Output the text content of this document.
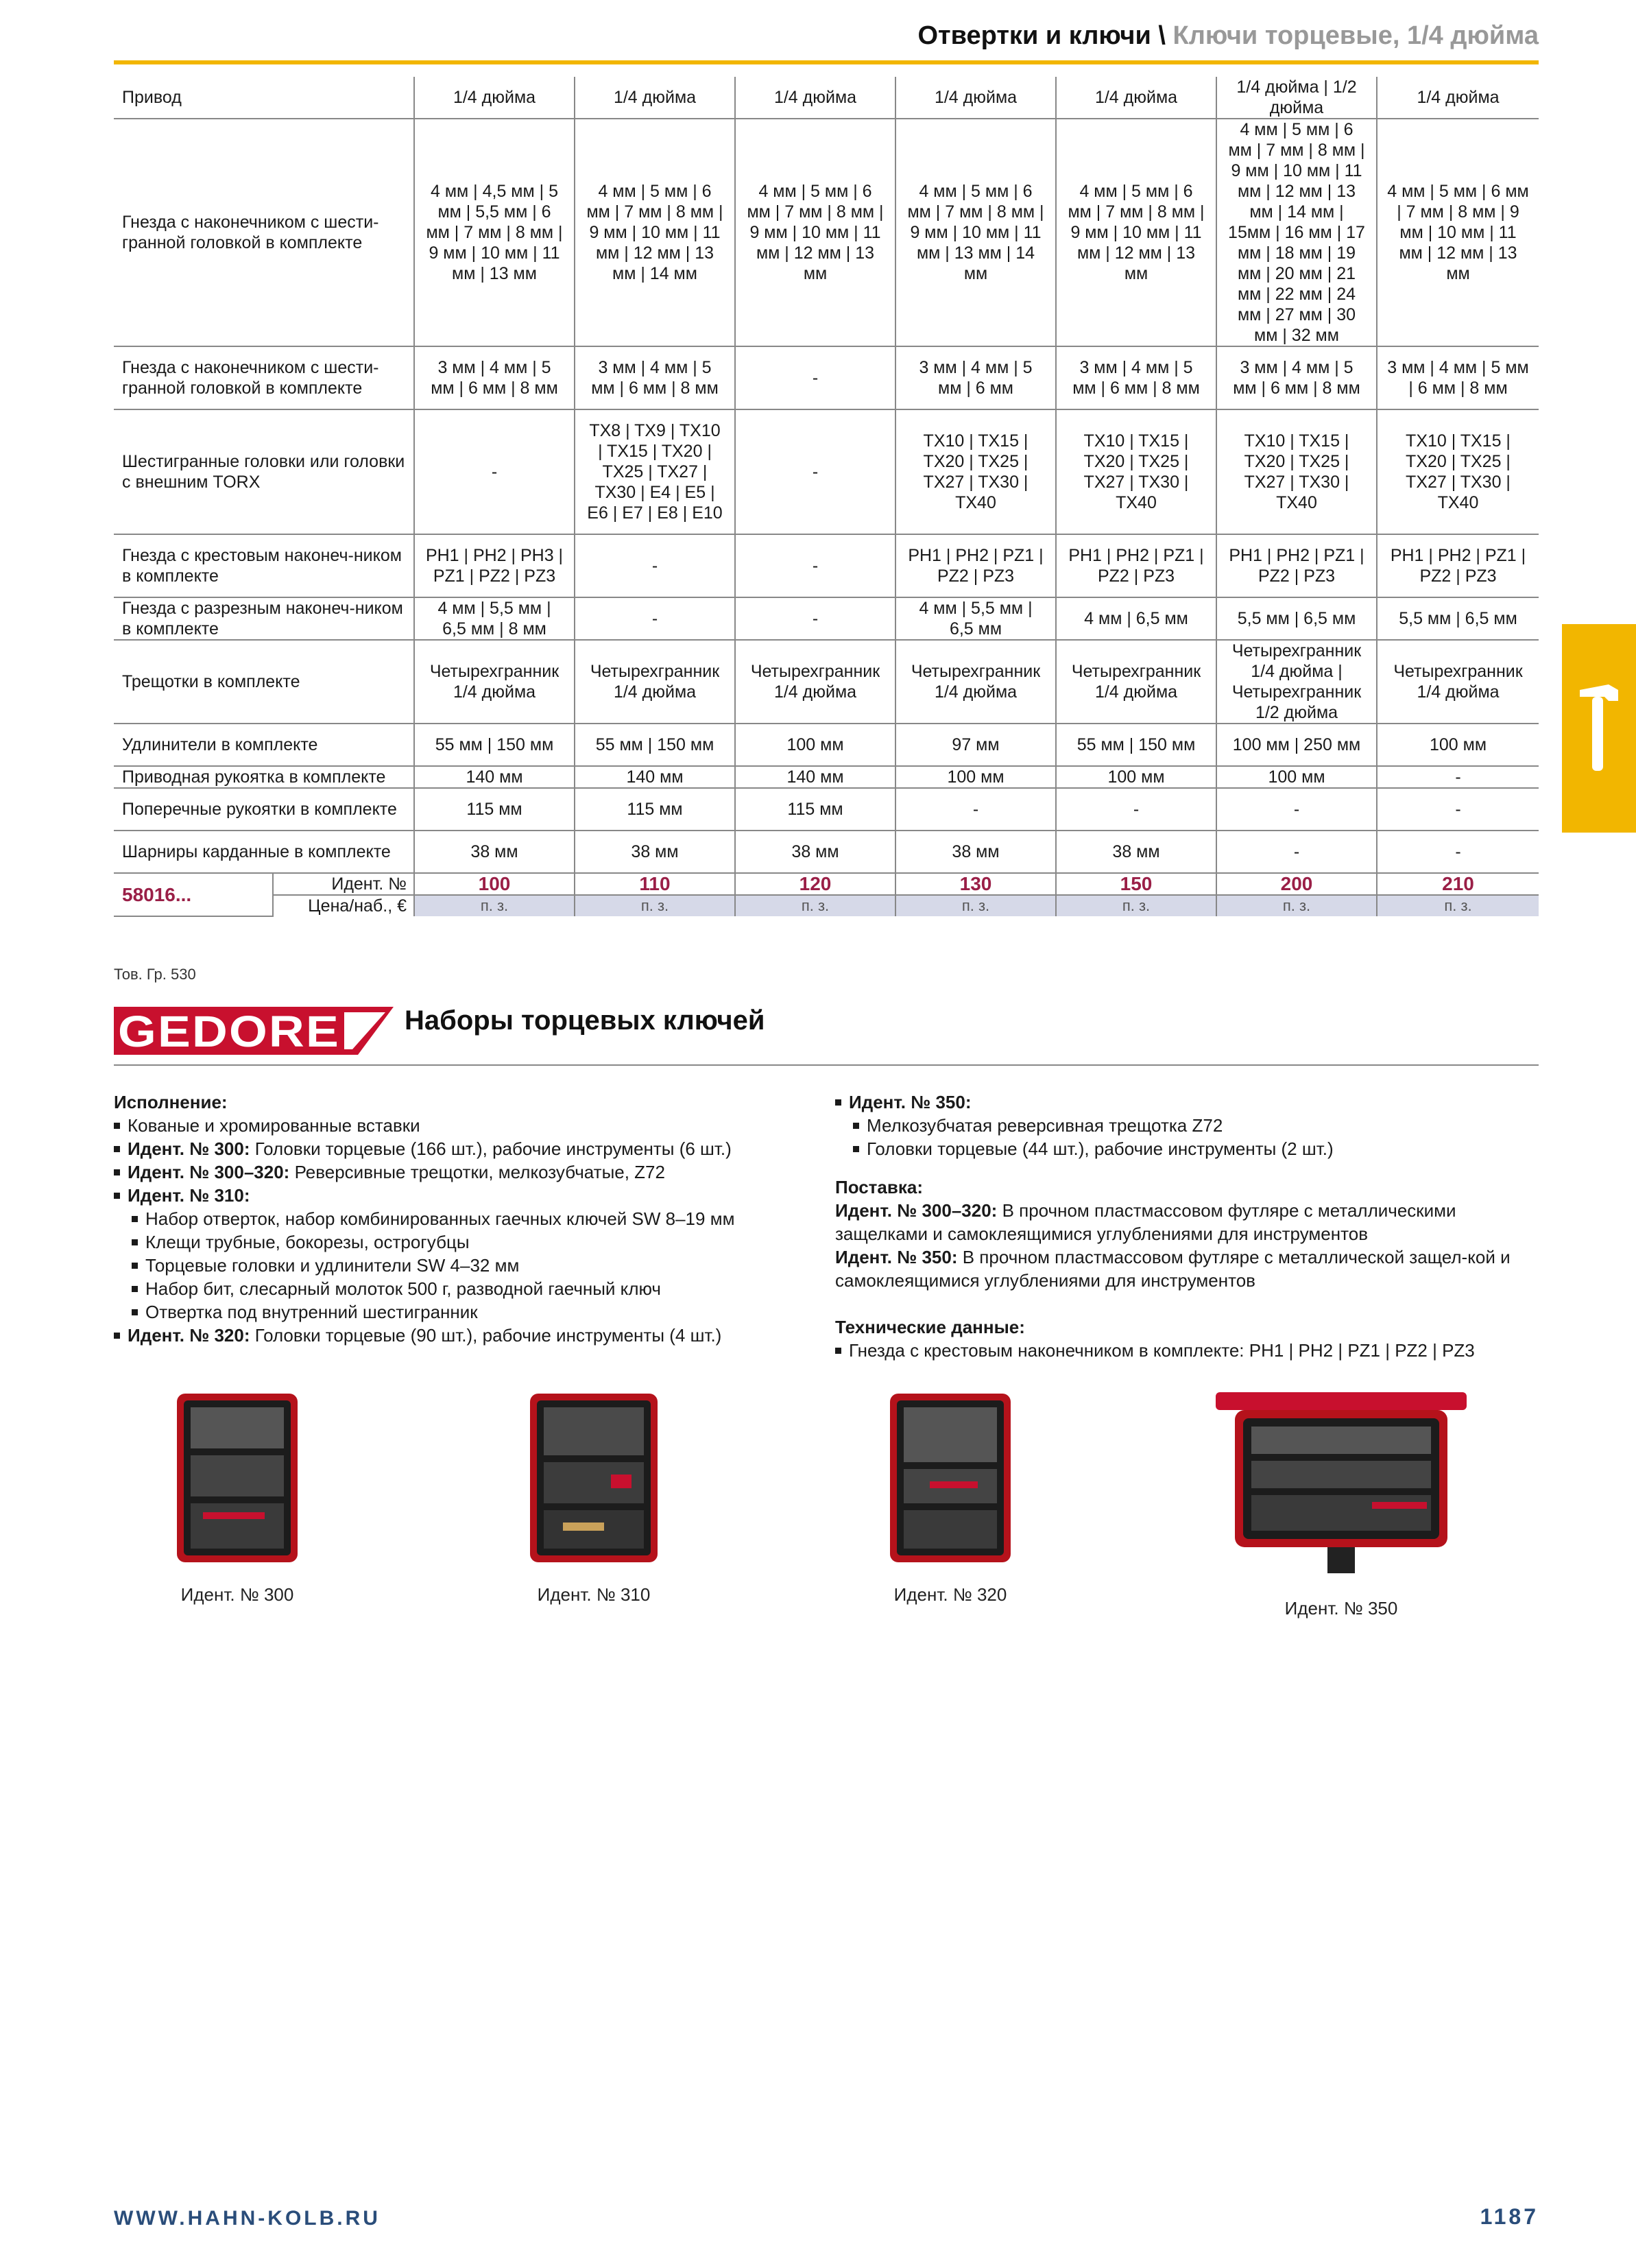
Отвертки и ключи \ Ключи торцевые, 1/4 дюйма
Привод		1/4 дюйма	1/4 дюйма	1/4 дюйма	1/4 дюйма	1/4 дюйма	1/4 дюйма | 1/2 дюйма	1/4 дюйма
Гнезда с наконечником с шести-гранной головкой в комплекте		4 мм | 4,5 мм | 5 мм | 5,5 мм | 6 мм | 7 мм | 8 мм | 9 мм | 10 мм | 11 мм | 13 мм	4 мм | 5 мм | 6 мм | 7 мм | 8 мм | 9 мм | 10 мм | 11 мм | 12 мм | 13 мм | 14 мм	4 мм | 5 мм | 6 мм | 7 мм | 8 мм | 9 мм | 10 мм | 11 мм | 12 мм | 13 мм	4 мм | 5 мм | 6 мм | 7 мм | 8 мм | 9 мм | 10 мм | 11 мм | 13 мм | 14 мм	4 мм | 5 мм | 6 мм | 7 мм | 8 мм | 9 мм | 10 мм | 11 мм | 12 мм | 13 мм	4 мм | 5 мм | 6 мм | 7 мм | 8 мм | 9 мм | 10 мм | 11 мм | 12 мм | 13 мм | 14 мм | 15мм | 16 мм | 17 мм | 18 мм | 19 мм | 20 мм | 21 мм | 22 мм | 24 мм | 27 мм | 30 мм | 32 мм	4 мм | 5 мм | 6 мм | 7 мм | 8 мм | 9 мм | 10 мм | 11 мм | 12 мм | 13 мм
Гнезда с наконечником с шести-гранной головкой в комплекте		3 мм | 4 мм | 5 мм | 6 мм | 8 мм	3 мм | 4 мм | 5 мм | 6 мм | 8 мм	-	3 мм | 4 мм | 5 мм | 6 мм	3 мм | 4 мм | 5 мм | 6 мм | 8 мм	3 мм | 4 мм | 5 мм | 6 мм | 8 мм	3 мм | 4 мм | 5 мм | 6 мм | 8 мм
Шестигранные головки или головки с внешним TORX		-	TX8 | TX9 | TX10 | TX15 | TX20 | TX25 | TX27 | TX30 | E4 | E5 | E6 | E7 | E8 | E10	-	TX10 | TX15 | TX20 | TX25 | TX27 | TX30 | TX40	TX10 | TX15 | TX20 | TX25 | TX27 | TX30 | TX40	TX10 | TX15 | TX20 | TX25 | TX27 | TX30 | TX40	TX10 | TX15 | TX20 | TX25 | TX27 | TX30 | TX40
Гнезда с крестовым наконеч-ником в комплекте		PH1 | PH2 | PH3 | PZ1 | PZ2 | PZ3	-	-	PH1 | PH2 | PZ1 | PZ2 | PZ3	PH1 | PH2 | PZ1 | PZ2 | PZ3	PH1 | PH2 | PZ1 | PZ2 | PZ3	PH1 | PH2 | PZ1 | PZ2 | PZ3
Гнезда с разрезным наконеч-ником в комплекте		4 мм | 5,5 мм | 6,5 мм | 8 мм	-	-	4 мм | 5,5 мм | 6,5 мм	4 мм | 6,5 мм	5,5 мм | 6,5 мм	5,5 мм | 6,5 мм
Трещотки в комплекте		Четырехгранник 1/4 дюйма	Четырехгранник 1/4 дюйма	Четырехгранник 1/4 дюйма	Четырехгранник 1/4 дюйма	Четырехгранник 1/4 дюйма	Четырехгранник 1/4 дюйма | Четырехгранник 1/2 дюйма	Четырехгранник 1/4 дюйма
Удлинители в комплекте		55 мм | 150 мм	55 мм | 150 мм	100 мм	97 мм	55 мм | 150 мм	100 мм | 250 мм	100 мм
Приводная рукоятка в комплекте		140 мм	140 мм	140 мм	100 мм	100 мм	100 мм	-
Поперечные рукоятки в комплекте		115 мм	115 мм	115 мм	-	-	-	-
Шарниры карданные в комплекте		38 мм	38 мм	38 мм	38 мм	38 мм	-	-
58016...	Идент. №	100	110	120	130	150	200	210
	Цена/наб., €	п. з.	п. з.	п. з.	п. з.	п. з.	п. з.	п. з.
Тов. Гр. 530
GEDORE Наборы торцевых ключей
Исполнение:
Кованые и хромированные вставки
Идент. № 300: Головки торцевые (166 шт.), рабочие инструменты (6 шт.)
Идент. № 300–320: Реверсивные трещотки, мелкозубчатые, Z72
Идент. № 310:
Набор отверток, набор комбинированных гаечных ключей SW 8–19 мм
Клещи трубные, бокорезы, острогубцы
Торцевые головки и удлинители SW 4–32 мм
Набор бит, слесарный молоток 500 г, разводной гаечный ключ
Отвертка под внутренний шестигранник
Идент. № 320: Головки торцевые (90 шт.), рабочие инструменты (4 шт.)
Идент. № 350:
Мелкозубчатая реверсивная трещотка Z72
Головки торцевые (44 шт.), рабочие инструменты (2 шт.)
Поставка:
Идент. № 300–320: В прочном пластмассовом футляре с металлическими защелками и самоклеящимися углублениями для инструментов
Идент. № 350: В прочном пластмассовом футляре с металлической защел-кой и самоклеящимися углублениями для инструментов
Технические данные:
Гнезда с крестовым наконечником в комплекте: PH1 | PH2 | PZ1 | PZ2 | PZ3
Идент. № 300	Идент. № 310	Идент. № 320
Идент. № 350
WWW.HAHN-KOLB.RU	1187
